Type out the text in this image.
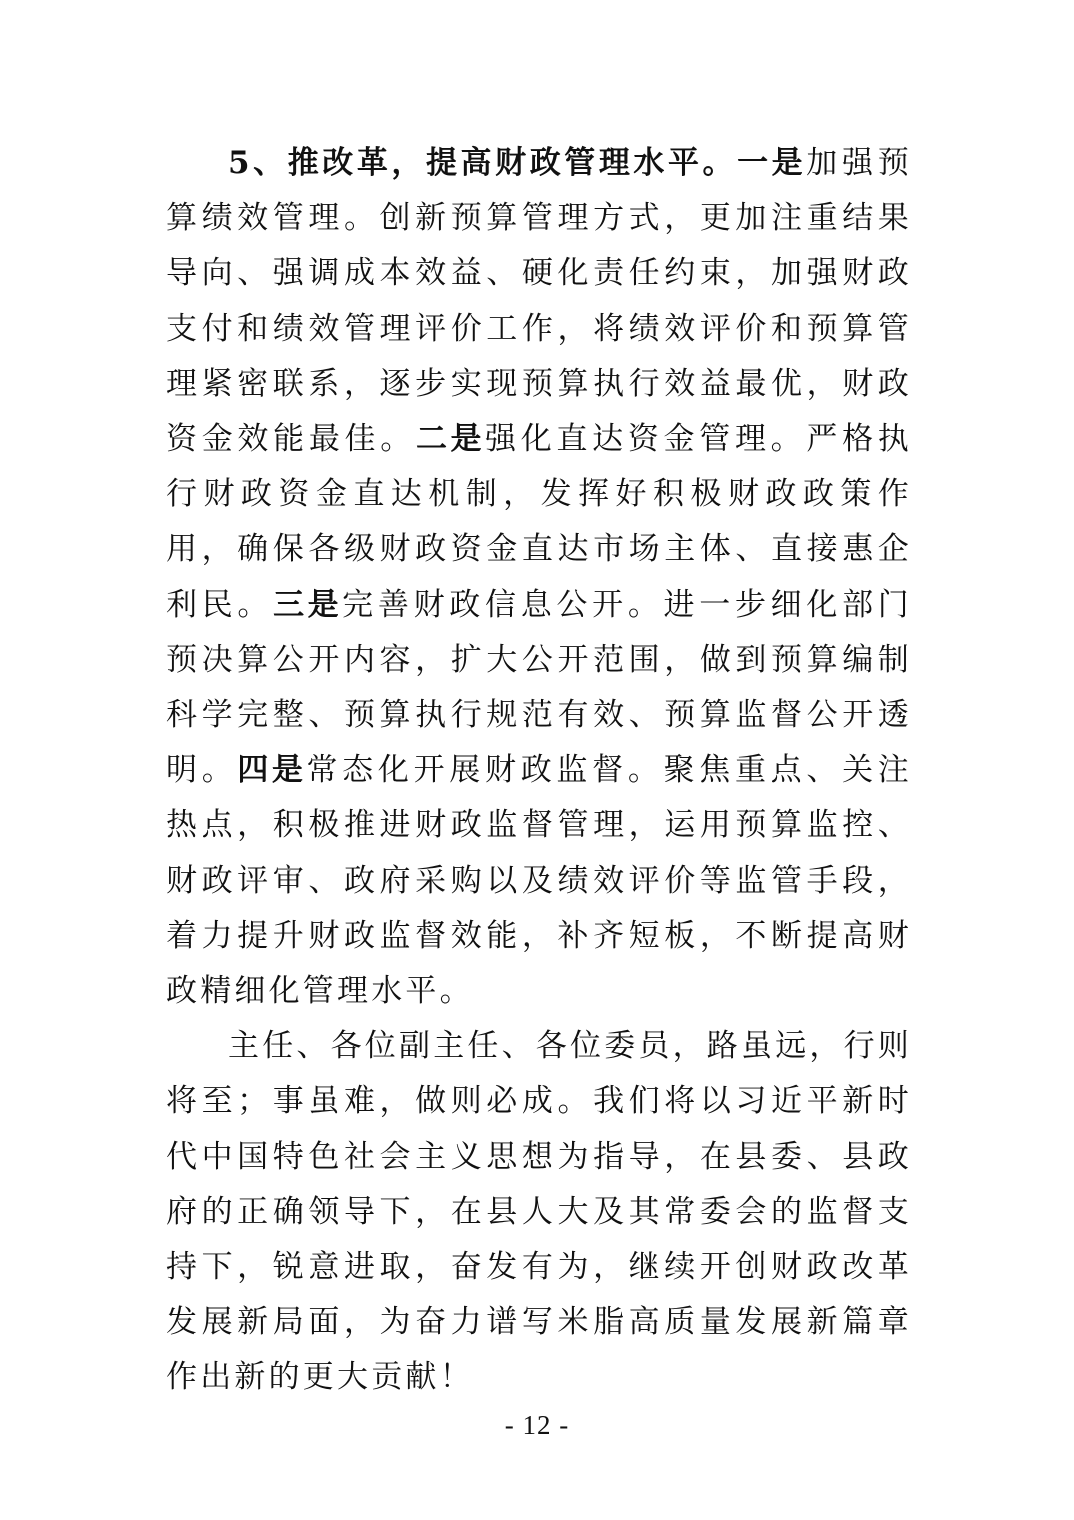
5、推改革，提高财政管理水平。一是加强预算绩效管理。创新预算管理方式，更加注重结果导向、强调成本效益、硬化责任约束，加强财政支付和绩效管理评价工作，将绩效评价和预算管理紧密联系，逐步实现预算执行效益最优，财政资金效能最佳。二是强化直达资金管理。严格执行财政资金直达机制，发挥好积极财政政策作用，确保各级财政资金直达市场主体、直接惠企利民。三是完善财政信息公开。进一步细化部门预决算公开内容，扩大公开范围，做到预算编制科学完整、预算执行规范有效、预算监督公开透明。四是常态化开展财政监督。聚焦重点、关注热点，积极推进财政监督管理，运用预算监控、财政评审、政府采购以及绩效评价等监管手段，着力提升财政监督效能，补齐短板，不断提高财政精细化管理水平。

主任、各位副主任、各位委员，路虽远，行则将至；事虽难，做则必成。我们将以习近平新时代中国特色社会主义思想为指导，在县委、县政府的正确领导下，在县人大及其常委会的监督支持下，锐意进取，奋发有为，继续开创财政改革发展新局面，为奋力谱写米脂高质量发展新篇章作出新的更大贡献！

- 12 -
